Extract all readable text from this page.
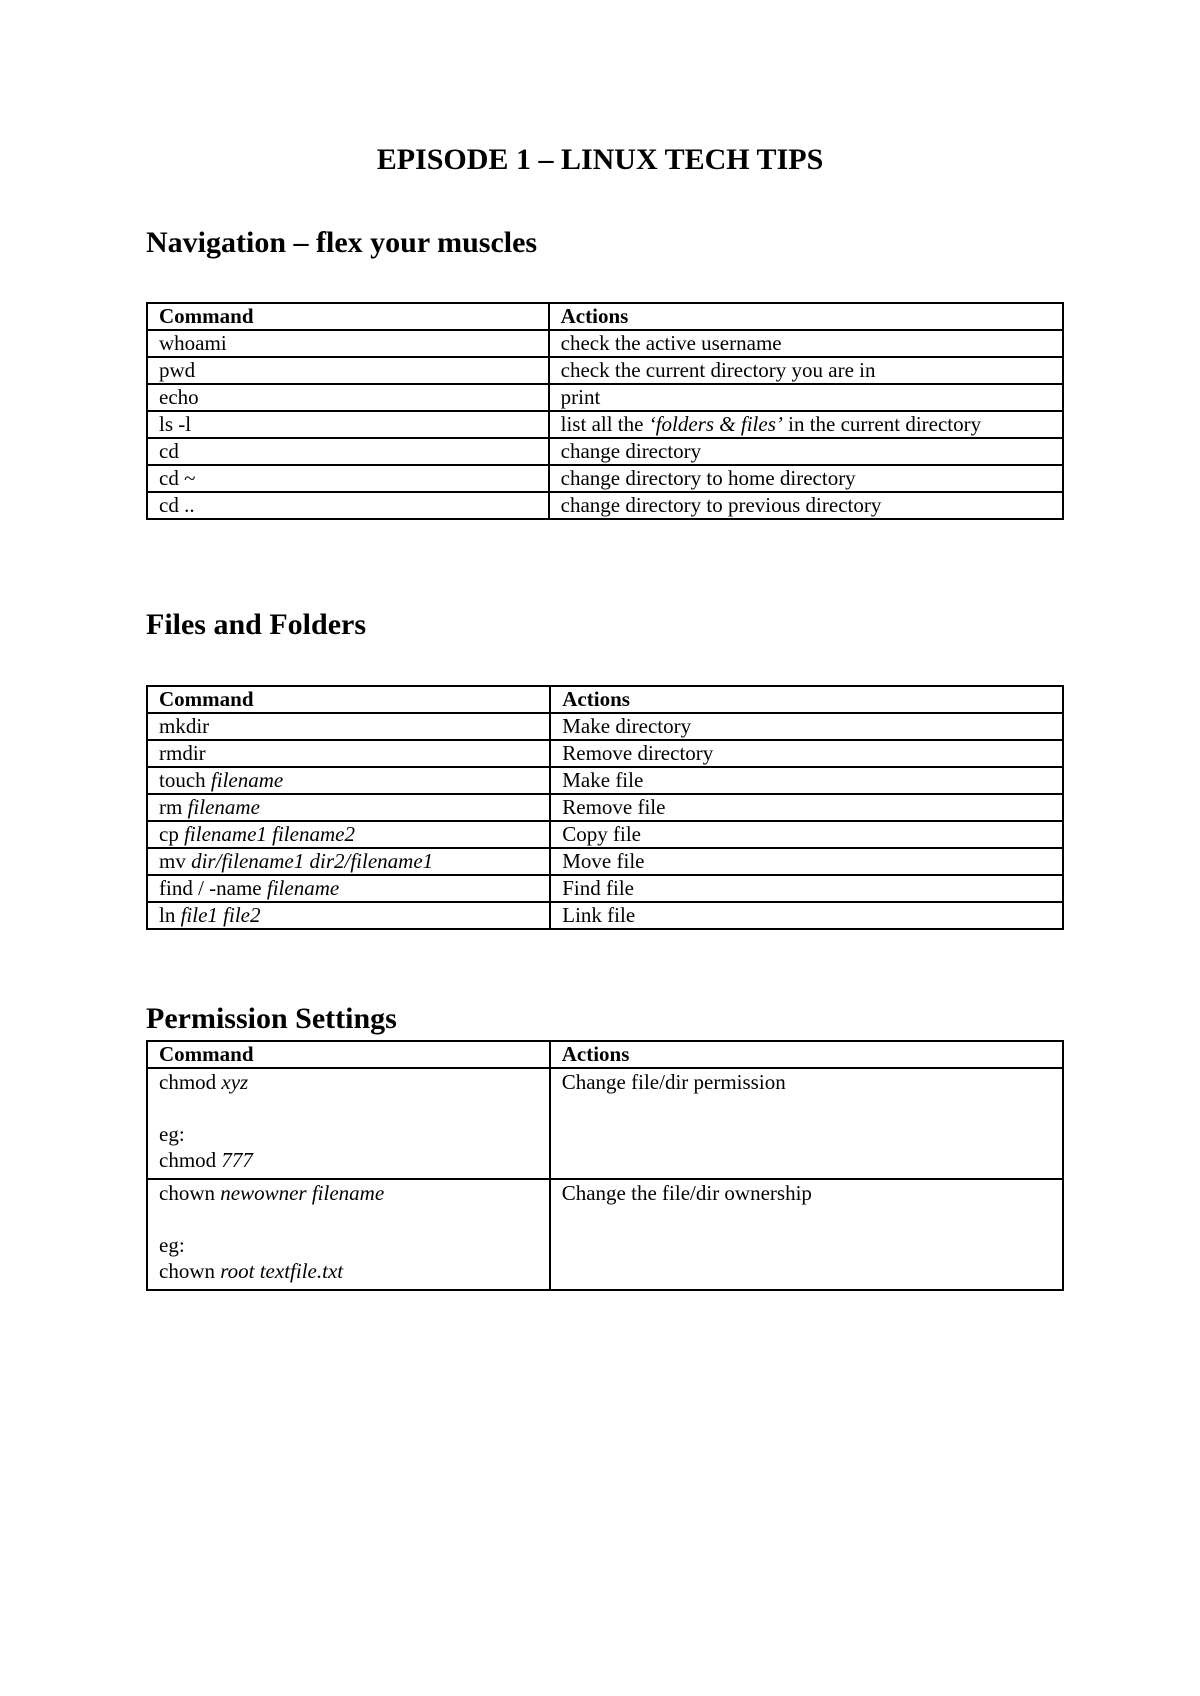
EPISODE 1 – LINUX TECH TIPS
Navigation – flex your muscles
Command	Actions
whoami	check the active username
pwd	check the current directory you are in
echo	print
ls -l	list all the ‘folders & files’ in the current directory
cd	change directory
cd ~	change directory to home directory
cd ..	change directory to previous directory
Files and Folders
Command	Actions
mkdir	Make directory
rmdir	Remove directory
touch filename	Make file
rm filename	Remove file
cp filename1 filename2	Copy file
mv dir/filename1 dir2/filename1	Move file
find / -name filename	Find file
ln file1 file2	Link file
Permission Settings
Command	Actions

chmod xyz
eg:
chmod 777	Change file/dir permission

chown newowner filename
eg:
chown root textfile.txt	Change the file/dir ownership
